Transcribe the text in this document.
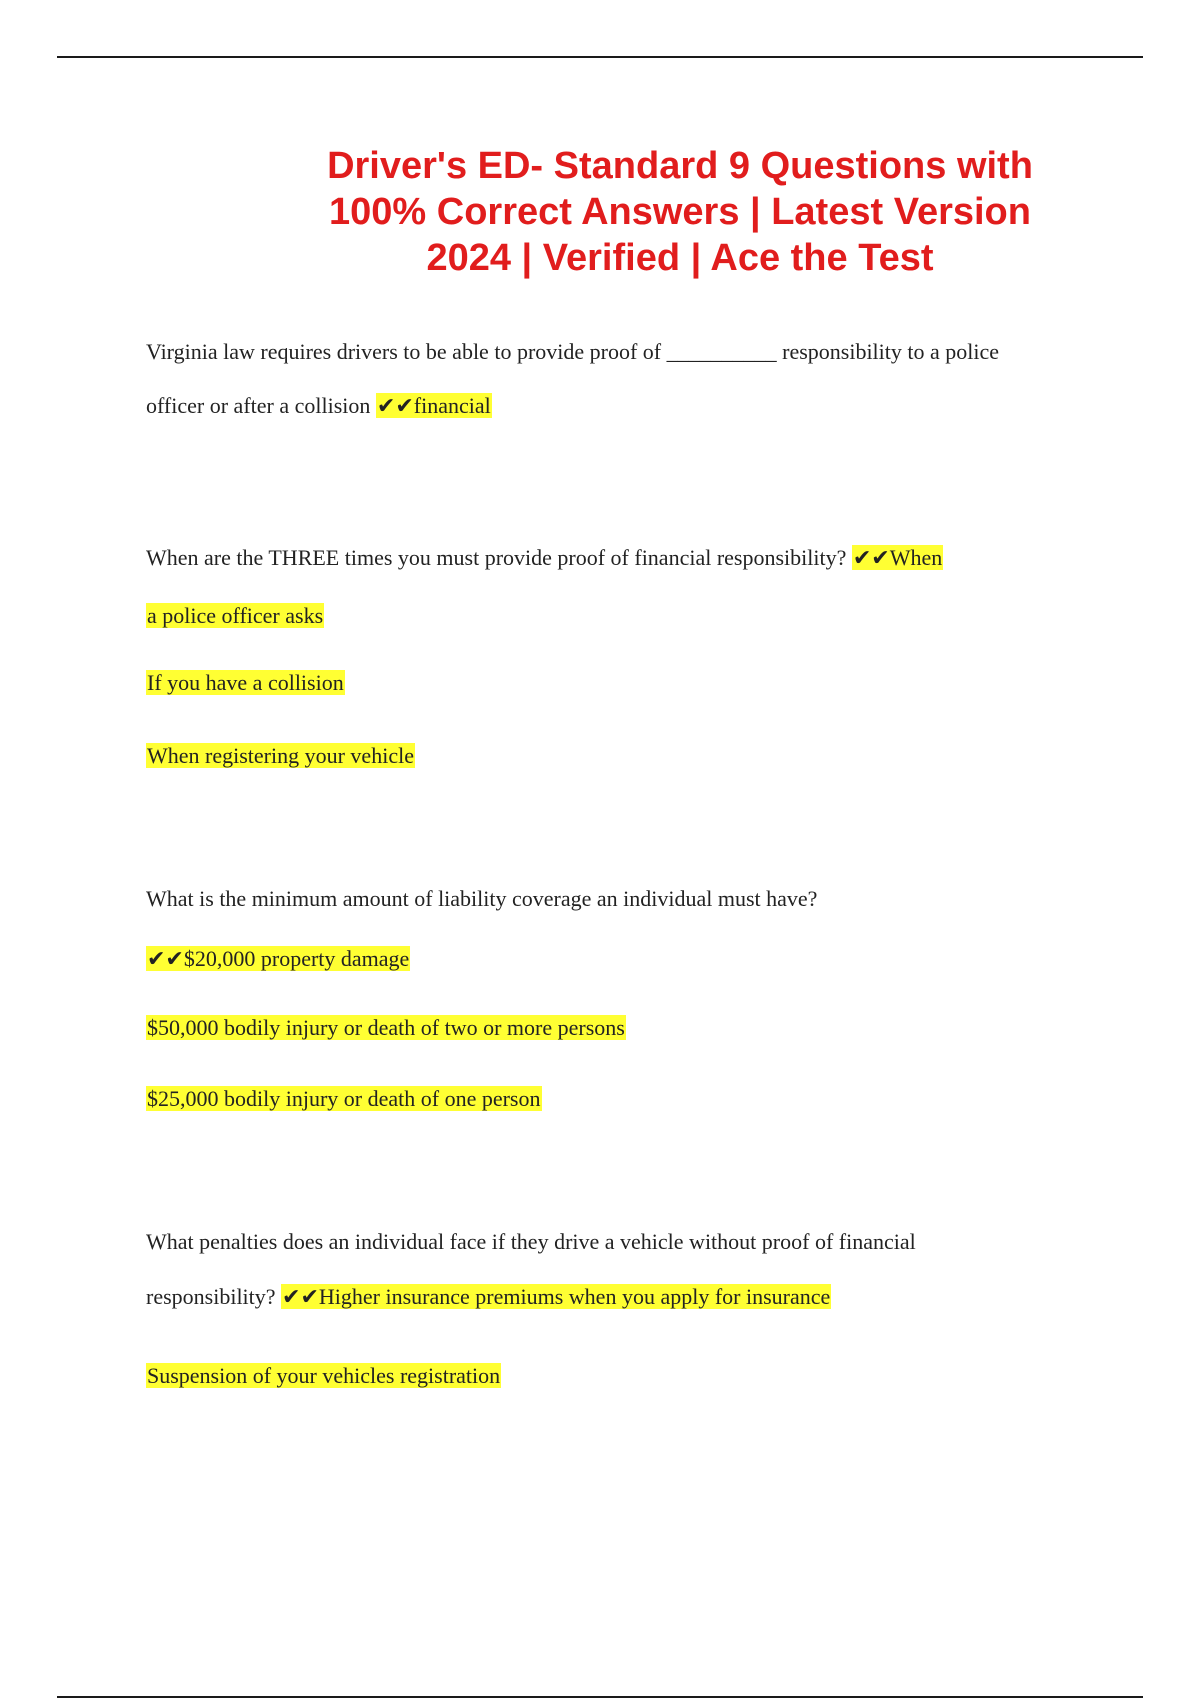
Driver's ED- Standard 9 Questions with
100% Correct Answers | Latest Version
2024 | Verified | Ace the Test
Virginia law requires drivers to be able to provide proof of __________ responsibility to a police
officer or after a collision ✔✔financial
When are the THREE times you must provide proof of financial responsibility? ✔✔When
a police officer asks
If you have a collision
When registering your vehicle
What is the minimum amount of liability coverage an individual must have?
✔✔$20,000 property damage
$50,000 bodily injury or death of two or more persons
$25,000 bodily injury or death of one person
What penalties does an individual face if they drive a vehicle without proof of financial
responsibility? ✔✔Higher insurance premiums when you apply for insurance
Suspension of your vehicles registration
